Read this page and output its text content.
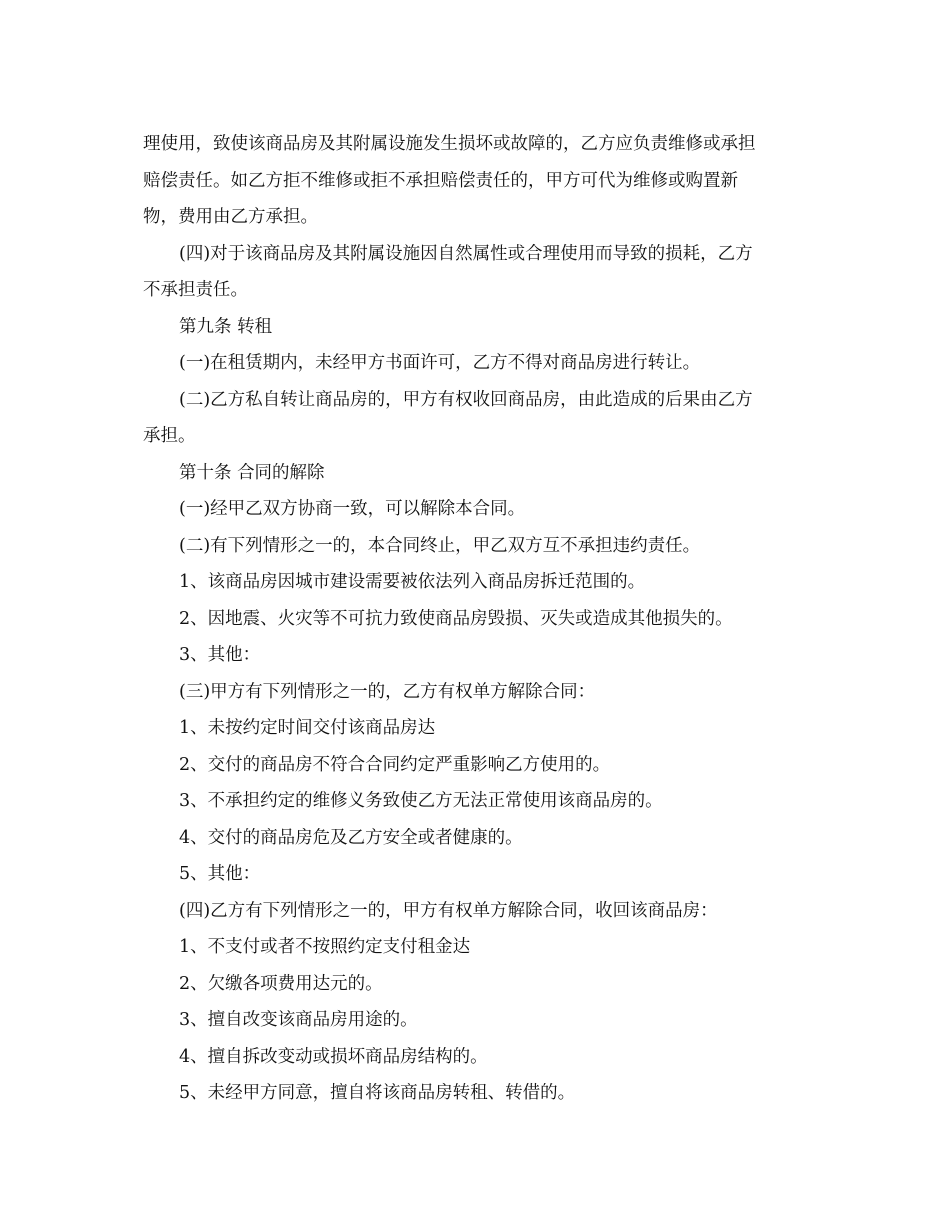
理使用，致使该商品房及其附属设施发生损坏或故障的，乙方应负责维修或承担

赔偿责任。如乙方拒不维修或拒不承担赔偿责任的，甲方可代为维修或购置新

物，费用由乙方承担。

(四)对于该商品房及其附属设施因自然属性或合理使用而导致的损耗，乙方

不承担责任。

第九条 转租

(一)在租赁期内，未经甲方书面许可，乙方不得对商品房进行转让。

(二)乙方私自转让商品房的，甲方有权收回商品房，由此造成的后果由乙方

承担。

第十条 合同的解除

(一)经甲乙双方协商一致，可以解除本合同。

(二)有下列情形之一的，本合同终止，甲乙双方互不承担违约责任。

1、该商品房因城市建设需要被依法列入商品房拆迁范围的。

2、因地震、火灾等不可抗力致使商品房毁损、灭失或造成其他损失的。

3、其他：

(三)甲方有下列情形之一的，乙方有权单方解除合同：

1、未按约定时间交付该商品房达

2、交付的商品房不符合合同约定严重影响乙方使用的。

3、不承担约定的维修义务致使乙方无法正常使用该商品房的。

4、交付的商品房危及乙方安全或者健康的。

5、其他：

(四)乙方有下列情形之一的，甲方有权单方解除合同，收回该商品房：

1、不支付或者不按照约定支付租金达

2、欠缴各项费用达元的。

3、擅自改变该商品房用途的。

4、擅自拆改变动或损坏商品房结构的。

5、未经甲方同意，擅自将该商品房转租、转借的。
